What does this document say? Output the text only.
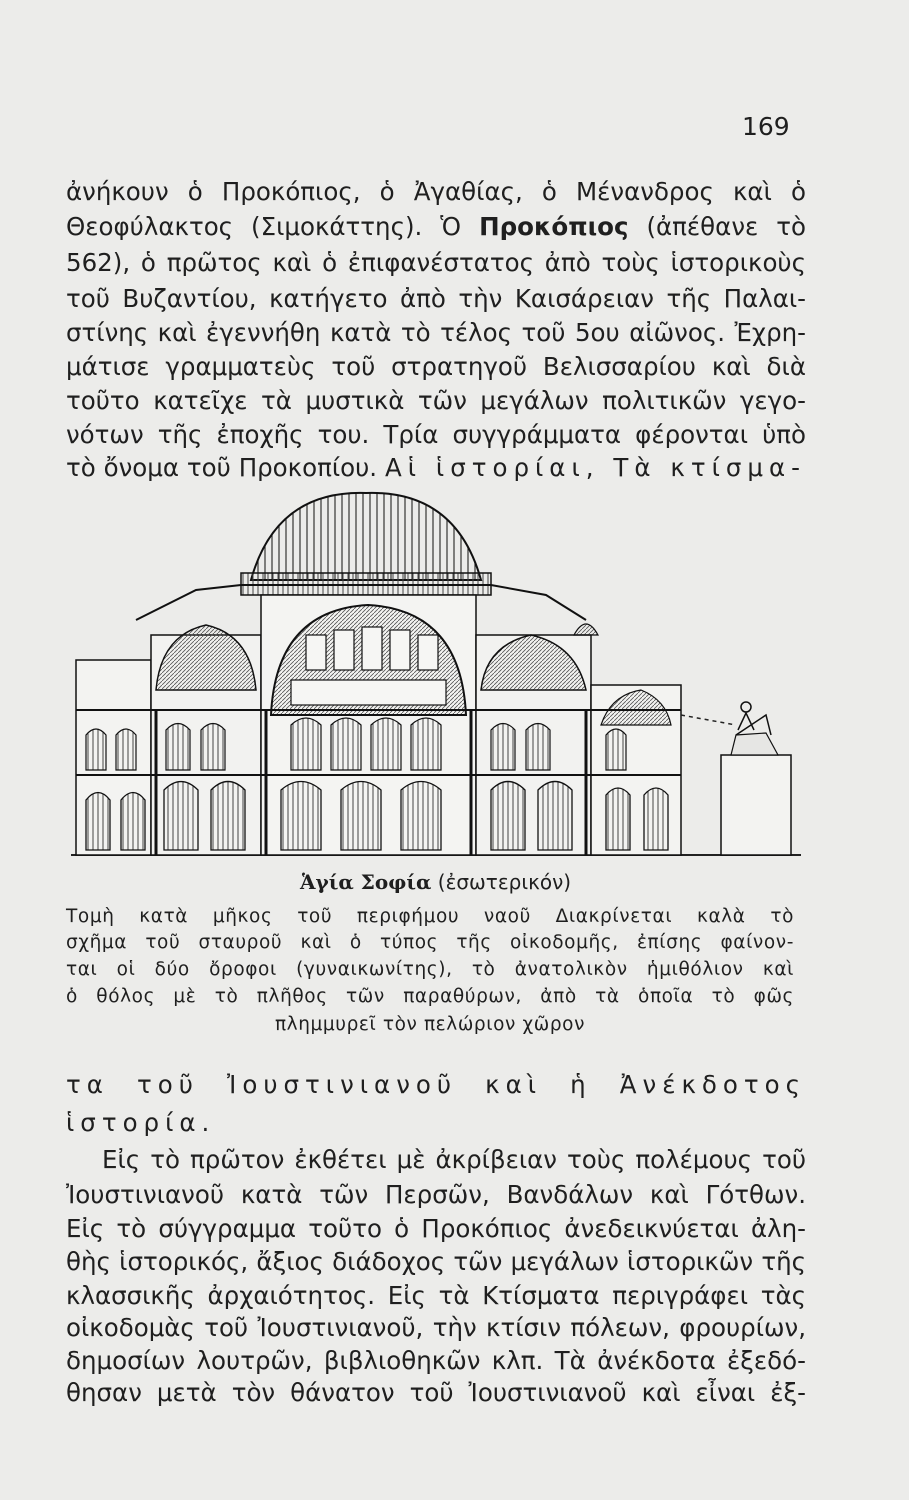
169
ἀνήκουν ὁ Προκόπιος, ὁ Ἀγαθίας, ὁ Μένανδρος καὶ ὁ
Θεοφύλακτος (Σιμοκάττης). Ὁ Προκόπιος (ἀπέθανε τὸ
562), ὁ πρῶτος καὶ ὁ ἐπιφανέστατος ἀπὸ τοὺς ἱστορικοὺς
τοῦ Βυζαντίου, κατήγετο ἀπὸ τὴν Καισάρειαν τῆς Παλαι-
στίνης καὶ ἐγεννήθη κατὰ τὸ τέλος τοῦ 5ου αἰῶνος. Ἐχρη-
μάτισε γραμματεὺς τοῦ στρατηγοῦ Βελισσαρίου καὶ διὰ
τοῦτο κατεῖχε τὰ μυστικὰ τῶν μεγάλων πολιτικῶν γεγο-
νότων τῆς ἐποχῆς του. Τρία συγγράμματα φέρονται ὑπὸ
τὸ ὄνομα τοῦ Προκοπίου. Αἱ ἱστορίαι, Τὰ κτίσμα-
Ἁγία Σοφία (ἐσωτερικόν)
Τομὴ κατὰ μῆκος τοῦ περιφήμου ναοῦ Διακρίνεται καλὰ τὸ
σχῆμα τοῦ σταυροῦ καὶ ὁ τύπος τῆς οἰκοδομῆς, ἐπίσης φαίνον-
ται οἱ δύο ὄροφοι (γυναικωνίτης), τὸ ἀνατολικὸν ἡμιθόλιον καὶ
ὁ θόλος μὲ τὸ πλῆθος τῶν παραθύρων, ἀπὸ τὰ ὁποῖα τὸ φῶς
πλημμυρεῖ τὸν πελώριον χῶρον
τα τοῦ Ἰουστινιανοῦ καὶ ἡ Ἀνέκδοτος
ἱστορία.
Εἰς τὸ πρῶτον ἐκθέτει μὲ ἀκρίβειαν τοὺς πολέμους τοῦ
Ἰουστινιανοῦ κατὰ τῶν Περσῶν, Βανδάλων καὶ Γότθων.
Εἰς τὸ σύγγραμμα τοῦτο ὁ Προκόπιος ἀνεδεικνύεται ἀλη-
θὴς ἱστορικός, ἄξιος διάδοχος τῶν μεγάλων ἱστορικῶν τῆς
κλασσικῆς ἀρχαιότητος. Εἰς τὰ Κτίσματα περιγράφει τὰς
οἰκοδομὰς τοῦ Ἰουστινιανοῦ, τὴν κτίσιν πόλεων, φρουρίων,
δημοσίων λουτρῶν, βιβλιοθηκῶν κλπ. Τὰ ἀνέκδοτα ἐξεδό-
θησαν μετὰ τὸν θάνατον τοῦ Ἰουστινιανοῦ καὶ εἶναι ἐξ-
